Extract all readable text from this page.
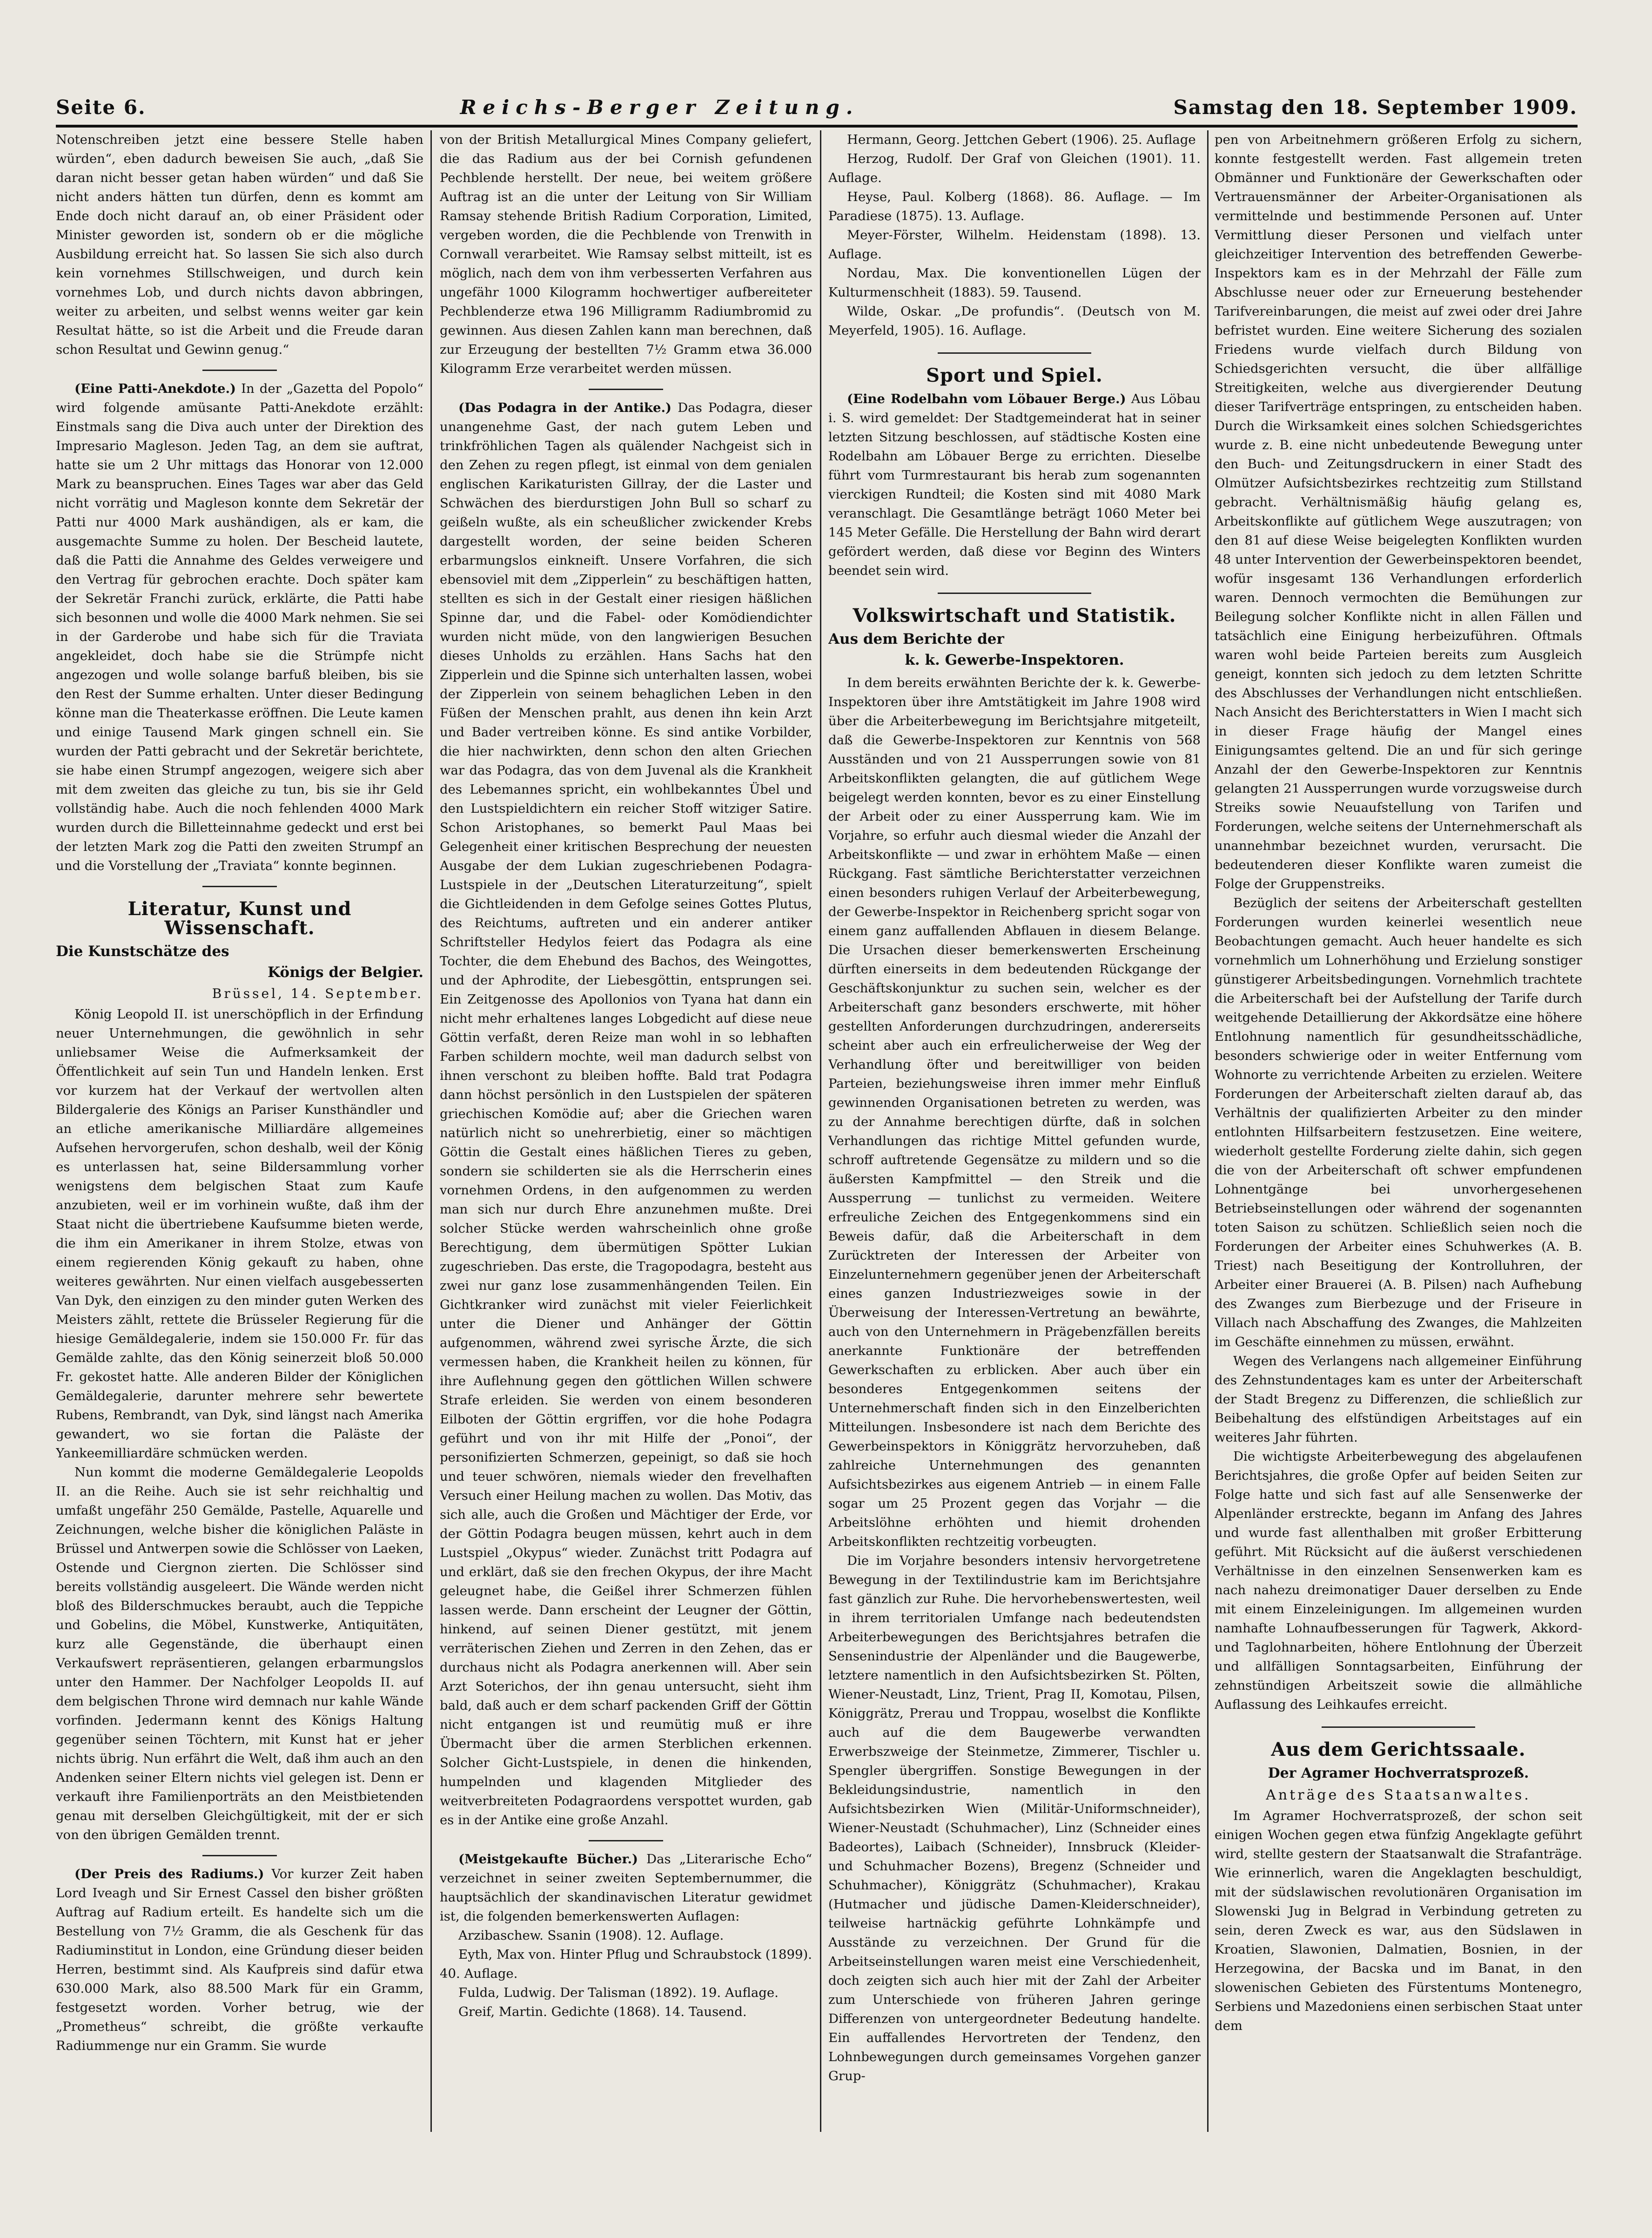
Seite 6.	Reichs-Berger Zeitung.	Samstag den 18. September 1909.

Notenschreiben jetzt eine bessere Stelle haben würden“, eben dadurch beweisen Sie auch, „daß Sie daran nicht besser getan haben würden“ und daß Sie nicht anders hätten tun dürfen, denn es kommt am Ende doch nicht darauf an, ob einer Präsident oder Minister geworden ist, sondern ob er die mögliche Ausbildung erreicht hat. So lassen Sie sich also durch kein vornehmes Stillschweigen, und durch kein vornehmes Lob, und durch nichts davon abbringen, weiter zu arbeiten, und selbst wenns weiter gar kein Resultat hätte, so ist die Arbeit und die Freude daran schon Resultat und Gewinn genug.“

(Eine Patti-Anekdote.) In der „Gazetta del Popolo“ wird folgende amüsante Patti-Anekdote erzählt: Einstmals sang die Diva auch unter der Direktion des Impresario Magleson. Jeden Tag, an dem sie auftrat, hatte sie um 2 Uhr mittags das Honorar von 12.000 Mark zu beanspruchen. Eines Tages war aber das Geld nicht vorrätig und Magleson konnte dem Sekretär der Patti nur 4000 Mark aushändigen, als er kam, die ausgemachte Summe zu holen. Der Bescheid lautete, daß die Patti die Annahme des Geldes verweigere und den Vertrag für gebrochen erachte. Doch später kam der Sekretär Franchi zurück, erklärte, die Patti habe sich besonnen und wolle die 4000 Mark nehmen. Sie sei in der Garderobe und habe sich für die Traviata angekleidet, doch habe sie die Strümpfe nicht angezogen und wolle solange barfuß bleiben, bis sie den Rest der Summe erhalten. Unter dieser Bedingung könne man die Theaterkasse eröffnen. Die Leute kamen und einige Tausend Mark gingen schnell ein. Sie wurden der Patti gebracht und der Sekretär berichtete, sie habe einen Strumpf angezogen, weigere sich aber mit dem zweiten das gleiche zu tun, bis sie ihr Geld vollständig habe. Auch die noch fehlenden 4000 Mark wurden durch die Billetteinnahme gedeckt und erst bei der letzten Mark zog die Patti den zweiten Strumpf an und die Vorstellung der „Traviata“ konnte beginnen.

Literatur, Kunst und Wissenschaft.
Die Kunstschätze des
Königs der Belgier.
Brüssel, 14. September.

König Leopold II. ist unerschöpflich in der Erfindung neuer Unternehmungen, die gewöhnlich in sehr unliebsamer Weise die Aufmerksamkeit der Öffentlichkeit auf sein Tun und Handeln lenken. Erst vor kurzem hat der Verkauf der wertvollen alten Bildergalerie des Königs an Pariser Kunsthändler und an etliche amerikanische Milliardäre allgemeines Aufsehen hervorgerufen, schon deshalb, weil der König es unterlassen hat, seine Bildersammlung vorher wenigstens dem belgischen Staat zum Kaufe anzubieten, weil er im vorhinein wußte, daß ihm der Staat nicht die übertriebene Kaufsumme bieten werde, die ihm ein Amerikaner in ihrem Stolze, etwas von einem regierenden König gekauft zu haben, ohne weiteres gewährten. Nur einen vielfach ausgebesserten Van Dyk, den einzigen zu den minder guten Werken des Meisters zählt, rettete die Brüsseler Regierung für die hiesige Gemäldegalerie, indem sie 150.000 Fr. für das Gemälde zahlte, das den König seinerzeit bloß 50.000 Fr. gekostet hatte. Alle anderen Bilder der Königlichen Gemäldegalerie, darunter mehrere sehr bewertete Rubens, Rembrandt, van Dyk, sind längst nach Amerika gewandert, wo sie fortan die Paläste der Yankeemilliardäre schmücken werden.

Nun kommt die moderne Gemäldegalerie Leopolds II. an die Reihe. Auch sie ist sehr reichhaltig und umfaßt ungefähr 250 Gemälde, Pastelle, Aquarelle und Zeichnungen, welche bisher die königlichen Paläste in Brüssel und Antwerpen sowie die Schlösser von Laeken, Ostende und Ciergnon zierten. Die Schlösser sind bereits vollständig ausgeleert. Die Wände werden nicht bloß des Bilderschmuckes beraubt, auch die Teppiche und Gobelins, die Möbel, Kunstwerke, Antiquitäten, kurz alle Gegenstände, die überhaupt einen Verkaufswert repräsentieren, gelangen erbarmungslos unter den Hammer. Der Nachfolger Leopolds II. auf dem belgischen Throne wird demnach nur kahle Wände vorfinden. Jedermann kennt des Königs Haltung gegenüber seinen Töchtern, mit Kunst hat er jeher nichts übrig. Nun erfährt die Welt, daß ihm auch an den Andenken seiner Eltern nichts viel gelegen ist. Denn er verkauft ihre Familienporträts an den Meistbietenden genau mit derselben Gleichgültigkeit, mit der er sich von den übrigen Gemälden trennt.

(Der Preis des Radiums.) Vor kurzer Zeit haben Lord Iveagh und Sir Ernest Cassel den bisher größten Auftrag auf Radium erteilt. Es handelte sich um die Bestellung von 7½ Gramm, die als Geschenk für das Radiuminstitut in London, eine Gründung dieser beiden Herren, bestimmt sind. Als Kaufpreis sind dafür etwa 630.000 Mark, also 88.500 Mark für ein Gramm, festgesetzt worden. Vorher betrug, wie der „Prometheus“ schreibt, die größte verkaufte Radiummenge nur ein Gramm. Sie wurde

von der British Metallurgical Mines Company geliefert, die das Radium aus der bei Cornish gefundenen Pechblende herstellt. Der neue, bei weitem größere Auftrag ist an die unter der Leitung von Sir William Ramsay stehende British Radium Corporation, Limited, vergeben worden, die die Pechblende von Trenwith in Cornwall verarbeitet. Wie Ramsay selbst mitteilt, ist es möglich, nach dem von ihm verbesserten Verfahren aus ungefähr 1000 Kilogramm hochwertiger aufbereiteter Pechblenderze etwa 196 Milligramm Radiumbromid zu gewinnen. Aus diesen Zahlen kann man berechnen, daß zur Erzeugung der bestellten 7½ Gramm etwa 36.000 Kilogramm Erze verarbeitet werden müssen.

(Das Podagra in der Antike.) Das Podagra, dieser unangenehme Gast, der nach gutem Leben und trinkfröhlichen Tagen als quälender Nachgeist sich in den Zehen zu regen pflegt, ist einmal von dem genialen englischen Karikaturisten Gillray, der die Laster und Schwächen des bierdurstigen John Bull so scharf zu geißeln wußte, als ein scheußlicher zwickender Krebs dargestellt worden, der seine beiden Scheren erbarmungslos einkneift. Unsere Vorfahren, die sich ebensoviel mit dem „Zipperlein“ zu beschäftigen hatten, stellten es sich in der Gestalt einer riesigen häßlichen Spinne dar, und die Fabel- oder Komödiendichter wurden nicht müde, von den langwierigen Besuchen dieses Unholds zu erzählen. Hans Sachs hat den Zipperlein und die Spinne sich unterhalten lassen, wobei der Zipperlein von seinem behaglichen Leben in den Füßen der Menschen prahlt, aus denen ihn kein Arzt und Bader vertreiben könne. Es sind antike Vorbilder, die hier nachwirkten, denn schon den alten Griechen war das Podagra, das von dem Juvenal als die Krankheit des Lebemannes spricht, ein wohlbekanntes Übel und den Lustspieldichtern ein reicher Stoff witziger Satire. Schon Aristophanes, so bemerkt Paul Maas bei Gelegenheit einer kritischen Besprechung der neuesten Ausgabe der dem Lukian zugeschriebenen Podagra-Lustspiele in der „Deutschen Literaturzeitung“, spielt die Gichtleidenden in dem Gefolge seines Gottes Plutus, des Reichtums, auftreten und ein anderer antiker Schriftsteller Hedylos feiert das Podagra als eine Tochter, die dem Ehebund des Bachos, des Weingottes, und der Aphrodite, der Liebesgöttin, entsprungen sei. Ein Zeitgenosse des Apollonios von Tyana hat dann ein nicht mehr erhaltenes langes Lobgedicht auf diese neue Göttin verfaßt, deren Reize man wohl in so lebhaften Farben schildern mochte, weil man dadurch selbst von ihnen verschont zu bleiben hoffte. Bald trat Podagra dann höchst persönlich in den Lustspielen der späteren griechischen Komödie auf; aber die Griechen waren natürlich nicht so unehrerbietig, einer so mächtigen Göttin die Gestalt eines häßlichen Tieres zu geben, sondern sie schilderten sie als die Herrscherin eines vornehmen Ordens, in den aufgenommen zu werden man sich nur durch Ehre anzunehmen mußte. Drei solcher Stücke werden wahrscheinlich ohne große Berechtigung, dem übermütigen Spötter Lukian zugeschrieben. Das erste, die Tragopodagra, besteht aus zwei nur ganz lose zusammenhängenden Teilen. Ein Gichtkranker wird zunächst mit vieler Feierlichkeit unter die Diener und Anhänger der Göttin aufgenommen, während zwei syrische Ärzte, die sich vermessen haben, die Krankheit heilen zu können, für ihre Auflehnung gegen den göttlichen Willen schwere Strafe erleiden. Sie werden von einem besonderen Eilboten der Göttin ergriffen, vor die hohe Podagra geführt und von ihr mit Hilfe der „Ponoi“, der personifizierten Schmerzen, gepeinigt, so daß sie hoch und teuer schwören, niemals wieder den frevelhaften Versuch einer Heilung machen zu wollen. Das Motiv, das sich alle, auch die Großen und Mächtiger der Erde, vor der Göttin Podagra beugen müssen, kehrt auch in dem Lustspiel „Okypus“ wieder. Zunächst tritt Podagra auf und erklärt, daß sie den frechen Okypus, der ihre Macht geleugnet habe, die Geißel ihrer Schmerzen fühlen lassen werde. Dann erscheint der Leugner der Göttin, hinkend, auf seinen Diener gestützt, mit jenem verräterischen Ziehen und Zerren in den Zehen, das er durchaus nicht als Podagra anerkennen will. Aber sein Arzt Soterichos, der ihn genau untersucht, sieht ihm bald, daß auch er dem scharf packenden Griff der Göttin nicht entgangen ist und reumütig muß er ihre Übermacht über die armen Sterblichen erkennen. Solcher Gicht-Lustspiele, in denen die hinkenden, humpelnden und klagenden Mitglieder des weitverbreiteten Podagraordens verspottet wurden, gab es in der Antike eine große Anzahl.

(Meistgekaufte Bücher.) Das „Literarische Echo“ verzeichnet in seiner zweiten Septembernummer, die hauptsächlich der skandinavischen Literatur gewidmet ist, die folgenden bemerkenswerten Auflagen:

Arzibaschew. Ssanin (1908). 12. Auflage.

Eyth, Max von. Hinter Pflug und Schraubstock (1899). 40. Auflage.

Fulda, Ludwig. Der Talisman (1892). 19. Auflage.

Greif, Martin. Gedichte (1868). 14. Tausend.

Hermann, Georg. Jettchen Gebert (1906). 25. Auflage

Herzog, Rudolf. Der Graf von Gleichen (1901). 11. Auflage.

Heyse, Paul. Kolberg (1868). 86. Auflage. — Im Paradiese (1875). 13. Auflage.

Meyer-Förster, Wilhelm. Heidenstam (1898). 13. Auflage.

Nordau, Max. Die konventionellen Lügen der Kulturmenschheit (1883). 59. Tausend.

Wilde, Oskar. „De profundis“. (Deutsch von M. Meyerfeld, 1905). 16. Auflage.

Sport und Spiel.

(Eine Rodelbahn vom Löbauer Berge.) Aus Löbau i. S. wird gemeldet: Der Stadtgemeinderat hat in seiner letzten Sitzung beschlossen, auf städtische Kosten eine Rodelbahn am Löbauer Berge zu errichten. Dieselbe führt vom Turmrestaurant bis herab zum sogenannten vierckigen Rundteil; die Kosten sind mit 4080 Mark veranschlagt. Die Gesamtlänge beträgt 1060 Meter bei 145 Meter Gefälle. Die Herstellung der Bahn wird derart gefördert werden, daß diese vor Beginn des Winters beendet sein wird.

Volkswirtschaft und Statistik.
Aus dem Berichte der
k. k. Gewerbe-Inspektoren.

In dem bereits erwähnten Berichte der k. k. Gewerbe-Inspektoren über ihre Amtstätigkeit im Jahre 1908 wird über die Arbeiterbewegung im Berichtsjahre mitgeteilt, daß die Gewerbe-Inspektoren zur Kenntnis von 568 Ausständen und von 21 Aussperrungen sowie von 81 Arbeitskonflikten gelangten, die auf gütlichem Wege beigelegt werden konnten, bevor es zu einer Einstellung der Arbeit oder zu einer Aussperrung kam. Wie im Vorjahre, so erfuhr auch diesmal wieder die Anzahl der Arbeitskonflikte — und zwar in erhöhtem Maße — einen Rückgang. Fast sämtliche Berichterstatter verzeichnen einen besonders ruhigen Verlauf der Arbeiterbewegung, der Gewerbe-Inspektor in Reichenberg spricht sogar von einem ganz auffallenden Abflauen in diesem Belange. Die Ursachen dieser bemerkenswerten Erscheinung dürften einerseits in dem bedeutenden Rückgange der Geschäftskonjunktur zu suchen sein, welcher es der Arbeiterschaft ganz besonders erschwerte, mit höher gestellten Anforderungen durchzudringen, andererseits scheint aber auch ein erfreulicherweise der Weg der Verhandlung öfter und bereitwilliger von beiden Parteien, beziehungsweise ihren immer mehr Einfluß gewinnenden Organisationen betreten zu werden, was zu der Annahme berechtigen dürfte, daß in solchen Verhandlungen das richtige Mittel gefunden wurde, schroff auftretende Gegensätze zu mildern und so die äußersten Kampfmittel — den Streik und die Aussperrung — tunlichst zu vermeiden. Weitere erfreuliche Zeichen des Entgegenkommens sind ein Beweis dafür, daß die Arbeiterschaft in dem Zurücktreten der Interessen der Arbeiter von Einzelunternehmern gegenüber jenen der Arbeiterschaft eines ganzen Industriezweiges sowie in der Überweisung der Interessen-Vertretung an bewährte, auch von den Unternehmern in Prägebenzfällen bereits anerkannte Funktionäre der betreffenden Gewerkschaften zu erblicken. Aber auch über ein besonderes Entgegenkommen seitens der Unternehmerschaft finden sich in den Einzelberichten Mitteilungen. Insbesondere ist nach dem Berichte des Gewerbeinspektors in Königgrätz hervorzuheben, daß zahlreiche Unternehmungen des genannten Aufsichtsbezirkes aus eigenem Antrieb — in einem Falle sogar um 25 Prozent gegen das Vorjahr — die Arbeitslöhne erhöhten und hiemit drohenden Arbeitskonflikten rechtzeitig vorbeugten.

Die im Vorjahre besonders intensiv hervorgetretene Bewegung in der Textilindustrie kam im Berichtsjahre fast gänzlich zur Ruhe. Die hervorhebenswertesten, weil in ihrem territorialen Umfange nach bedeutendsten Arbeiterbewegungen des Berichtsjahres betrafen die Sensenindustrie der Alpenländer und die Baugewerbe, letztere namentlich in den Aufsichtsbezirken St. Pölten, Wiener-Neustadt, Linz, Trient, Prag II, Komotau, Pilsen, Königgrätz, Prerau und Troppau, woselbst die Konflikte auch auf die dem Baugewerbe verwandten Erwerbszweige der Steinmetze, Zimmerer, Tischler u. Spengler übergriffen. Sonstige Bewegungen in der Bekleidungsindustrie, namentlich in den Aufsichtsbezirken Wien (Militär-Uniformschneider), Wiener-Neustadt (Schuhmacher), Linz (Schneider eines Badeortes), Laibach (Schneider), Innsbruck (Kleider- und Schuhmacher Bozens), Bregenz (Schneider und Schuhmacher), Königgrätz (Schuhmacher), Krakau (Hutmacher und jüdische Damen-Kleiderschneider), teilweise hartnäckig geführte Lohnkämpfe und Ausstände zu verzeichnen. Der Grund für die Arbeitseinstellungen waren meist eine Verschiedenheit, doch zeigten sich auch hier mit der Zahl der Arbeiter zum Unterschiede von früheren Jahren geringe Differenzen von untergeordneter Bedeutung handelte. Ein auffallendes Hervortreten der Tendenz, den Lohnbewegungen durch gemeinsames Vorgehen ganzer Grup-

pen von Arbeitnehmern größeren Erfolg zu sichern, konnte festgestellt werden. Fast allgemein treten Obmänner und Funktionäre der Gewerkschaften oder Vertrauensmänner der Arbeiter-Organisationen als vermittelnde und bestimmende Personen auf. Unter Vermittlung dieser Personen und vielfach unter gleichzeitiger Intervention des betreffenden Gewerbe-Inspektors kam es in der Mehrzahl der Fälle zum Abschlusse neuer oder zur Erneuerung bestehender Tarifvereinbarungen, die meist auf zwei oder drei Jahre befristet wurden. Eine weitere Sicherung des sozialen Friedens wurde vielfach durch Bildung von Schiedsgerichten versucht, die über allfällige Streitigkeiten, welche aus divergierender Deutung dieser Tarifverträge entspringen, zu entscheiden haben. Durch die Wirksamkeit eines solchen Schiedsgerichtes wurde z. B. eine nicht unbedeutende Bewegung unter den Buch- und Zeitungsdruckern in einer Stadt des Olmützer Aufsichtsbezirkes rechtzeitig zum Stillstand gebracht. Verhältnismäßig häufig gelang es, Arbeitskonflikte auf gütlichem Wege auszutragen; von den 81 auf diese Weise beigelegten Konflikten wurden 48 unter Intervention der Gewerbeinspektoren beendet, wofür insgesamt 136 Verhandlungen erforderlich waren. Dennoch vermochten die Bemühungen zur Beilegung solcher Konflikte nicht in allen Fällen und tatsächlich eine Einigung herbeizuführen. Oftmals waren wohl beide Parteien bereits zum Ausgleich geneigt, konnten sich jedoch zu dem letzten Schritte des Abschlusses der Verhandlungen nicht entschließen. Nach Ansicht des Berichterstatters in Wien I macht sich in dieser Frage häufig der Mangel eines Einigungsamtes geltend. Die an und für sich geringe Anzahl der den Gewerbe-Inspektoren zur Kenntnis gelangten 21 Aussperrungen wurde vorzugsweise durch Streiks sowie Neuaufstellung von Tarifen und Forderungen, welche seitens der Unternehmerschaft als unannehmbar bezeichnet wurden, verursacht. Die bedeutenderen dieser Konflikte waren zumeist die Folge der Gruppenstreiks.

Bezüglich der seitens der Arbeiterschaft gestellten Forderungen wurden keinerlei wesentlich neue Beobachtungen gemacht. Auch heuer handelte es sich vornehmlich um Lohnerhöhung und Erzielung sonstiger günstigerer Arbeitsbedingungen. Vornehmlich trachtete die Arbeiterschaft bei der Aufstellung der Tarife durch weitgehende Detaillierung der Akkordsätze eine höhere Entlohnung namentlich für gesundheitsschädliche, besonders schwierige oder in weiter Entfernung vom Wohnorte zu verrichtende Arbeiten zu erzielen. Weitere Forderungen der Arbeiterschaft zielten darauf ab, das Verhältnis der qualifizierten Arbeiter zu den minder entlohnten Hilfsarbeitern festzusetzen. Eine weitere, wiederholt gestellte Forderung zielte dahin, sich gegen die von der Arbeiterschaft oft schwer empfundenen Lohnentgänge bei unvorhergesehenen Betriebseinstellungen oder während der sogenannten toten Saison zu schützen. Schließlich seien noch die Forderungen der Arbeiter eines Schuhwerkes (A. B. Triest) nach Beseitigung der Kontrolluhren, der Arbeiter einer Brauerei (A. B. Pilsen) nach Aufhebung des Zwanges zum Bierbezuge und der Friseure in Villach nach Abschaffung des Zwanges, die Mahlzeiten im Geschäfte einnehmen zu müssen, erwähnt.

Wegen des Verlangens nach allgemeiner Einführung des Zehnstundentages kam es unter der Arbeiterschaft der Stadt Bregenz zu Differenzen, die schließlich zur Beibehaltung des elfstündigen Arbeitstages auf ein weiteres Jahr führten.

Die wichtigste Arbeiterbewegung des abgelaufenen Berichtsjahres, die große Opfer auf beiden Seiten zur Folge hatte und sich fast auf alle Sensenwerke der Alpenländer erstreckte, begann im Anfang des Jahres und wurde fast allenthalben mit großer Erbitterung geführt. Mit Rücksicht auf die äußerst verschiedenen Verhältnisse in den einzelnen Sensenwerken kam es nach nahezu dreimonatiger Dauer derselben zu Ende mit einem Einzeleinigungen. Im allgemeinen wurden namhafte Lohnaufbesserungen für Tagwerk, Akkord- und Taglohnarbeiten, höhere Entlohnung der Überzeit und allfälligen Sonntagsarbeiten, Einführung der zehnstündigen Arbeitszeit sowie die allmähliche Auflassung des Leihkaufes erreicht.

Aus dem Gerichtssaale.
Der Agramer Hochverratsprozeß.
Anträge des Staatsanwaltes.

Im Agramer Hochverratsprozeß, der schon seit einigen Wochen gegen etwa fünfzig Angeklagte geführt wird, stellte gestern der Staatsanwalt die Strafanträge. Wie erinnerlich, waren die Angeklagten beschuldigt, mit der südslawischen revolutionären Organisation im Slowenski Jug in Belgrad in Verbindung getreten zu sein, deren Zweck es war, aus den Südslawen in Kroatien, Slawonien, Dalmatien, Bosnien, in der Herzegowina, der Bacska und im Banat, in den slowenischen Gebieten des Fürstentums Montenegro, Serbiens und Mazedoniens einen serbischen Staat unter dem
